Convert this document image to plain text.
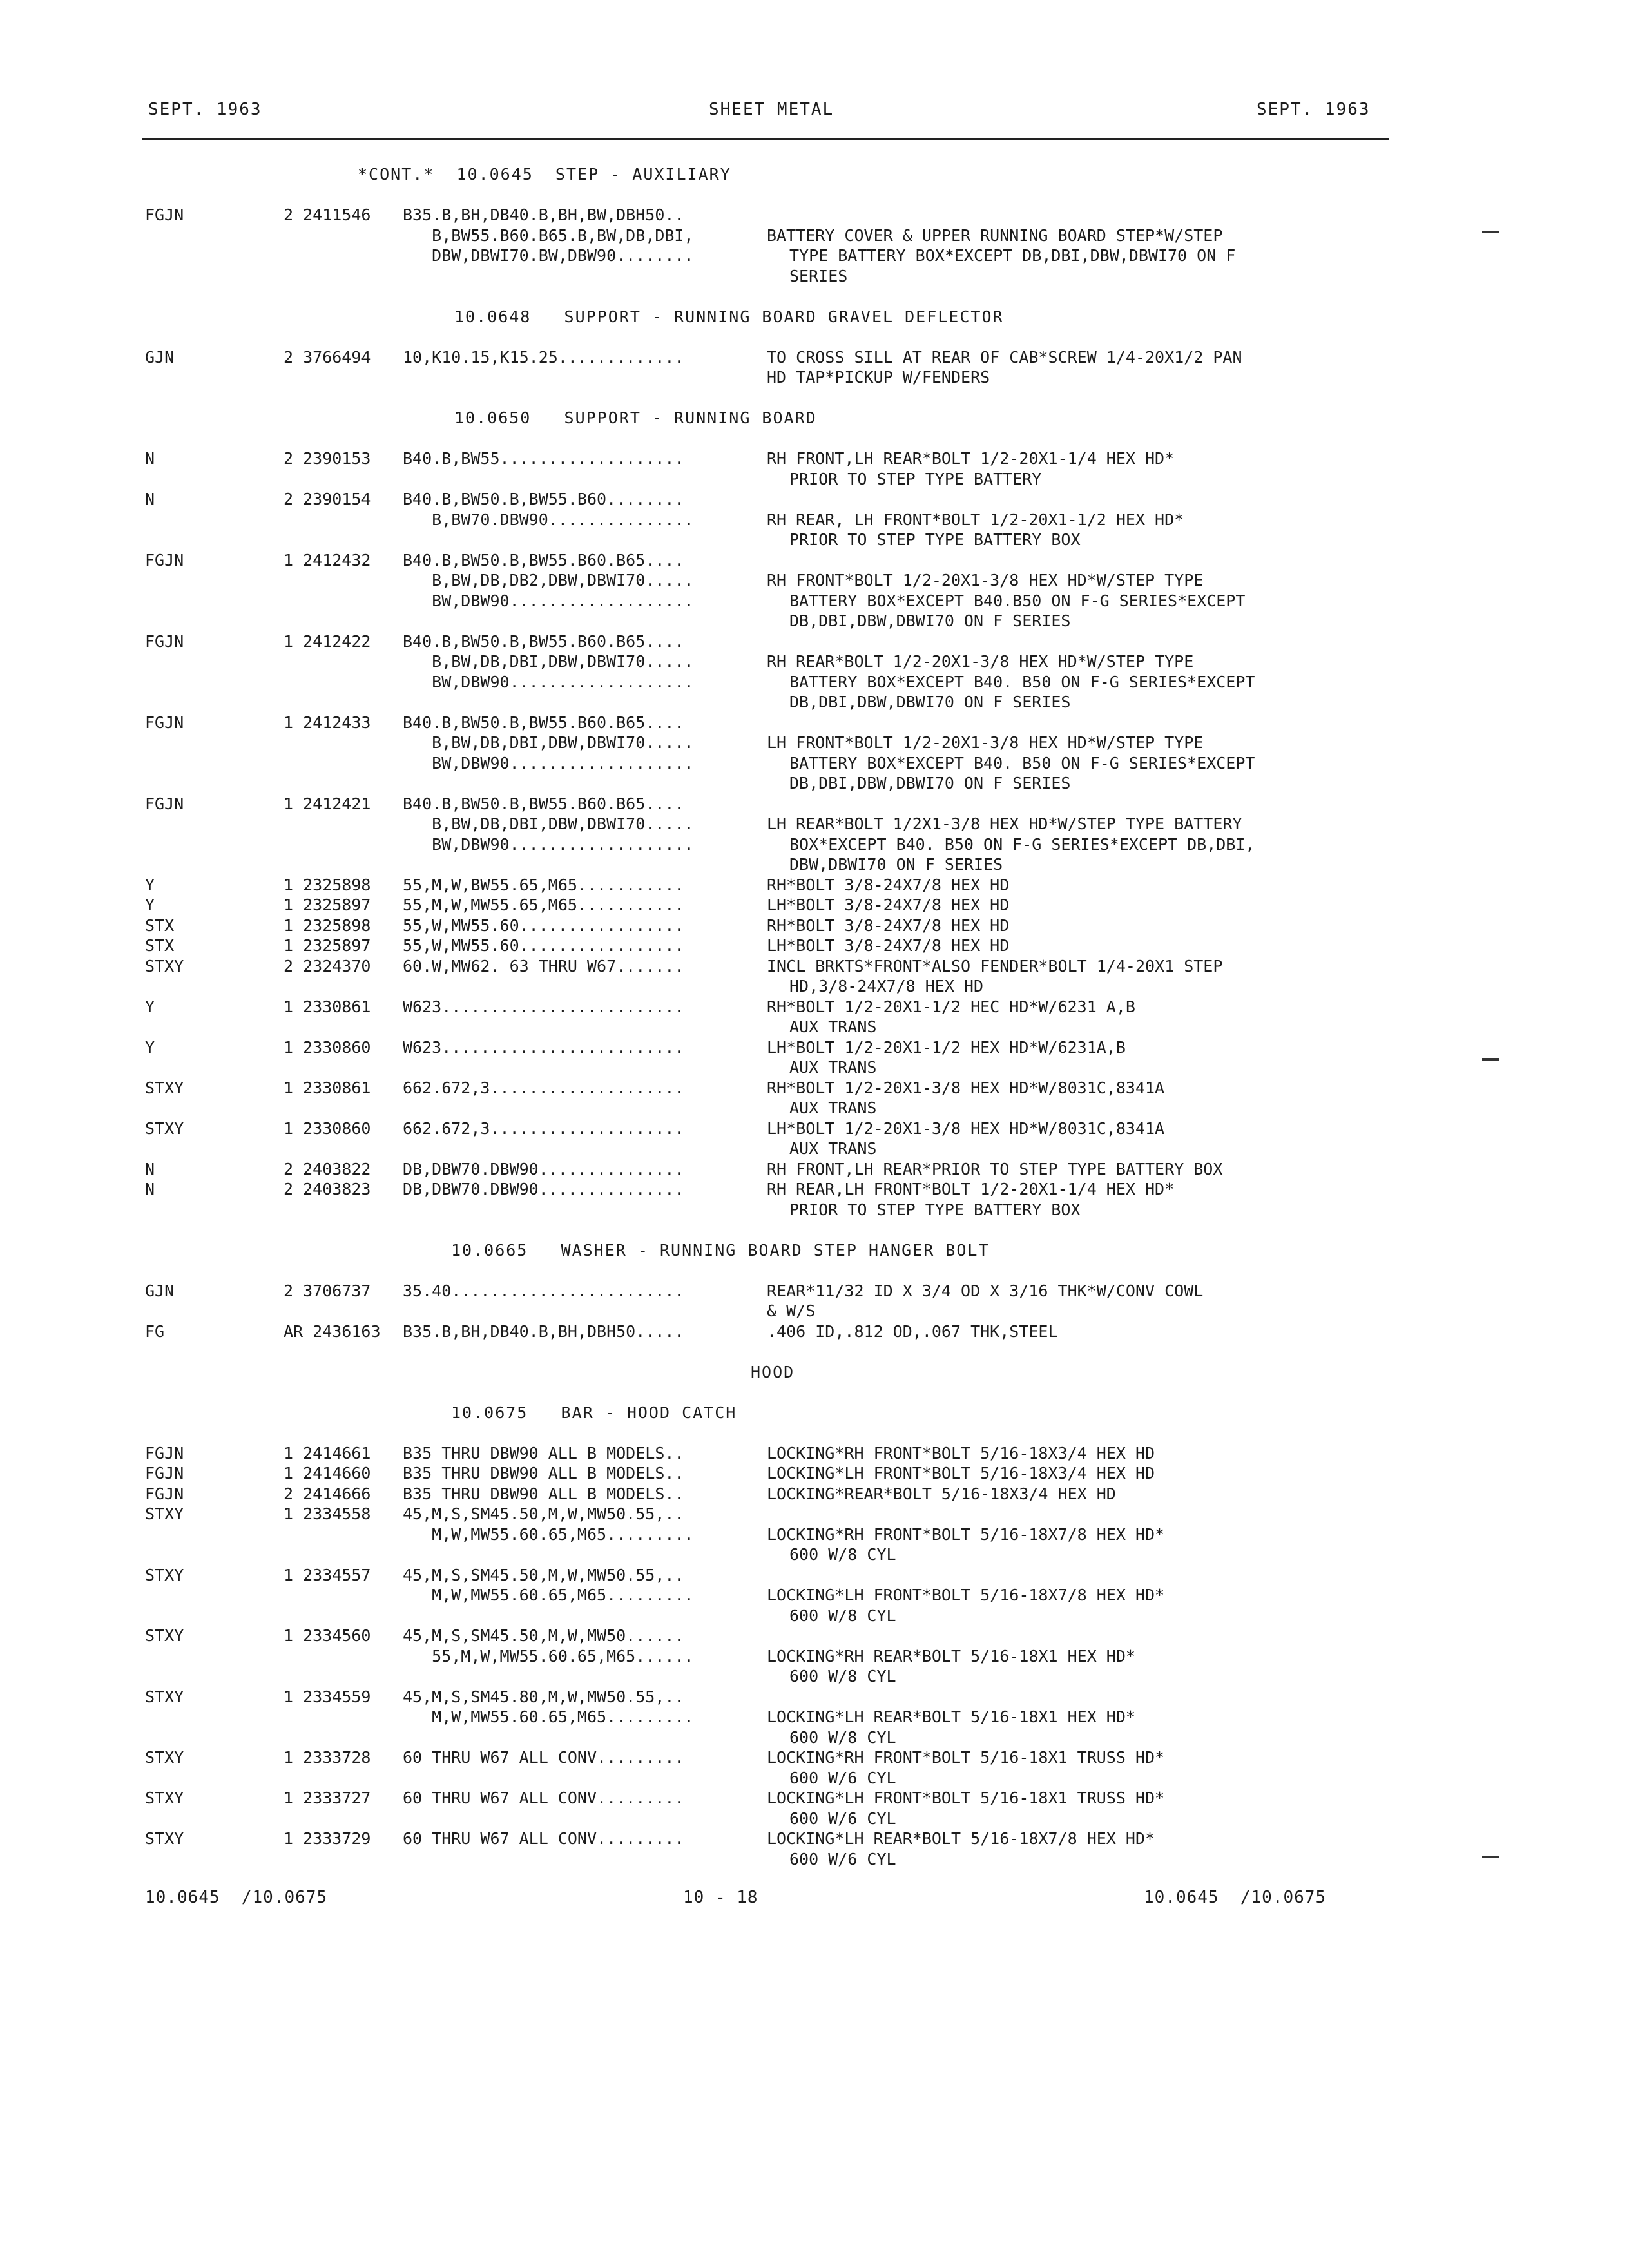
SEPT. 1963	SHEET METAL	SEPT. 1963
*CONT.*  10.0645  STEP - AUXILIARY
FGJN	2 2411546 B35.B,BH,DB40.B,BH,BW,DBH50..
B,BW55.B60.B65.B,BW,DB,DBI,	BATTERY COVER & UPPER RUNNING BOARD STEP*W/STEP
DBW,DBWI70.BW,DBW90........	TYPE BATTERY BOX*EXCEPT DB,DBI,DBW,DBWI70 ON F
SERIES
10.0648   SUPPORT - RUNNING BOARD GRAVEL DEFLECTOR
GJN	2 3766494 10,K10.15,K15.25.............	TO CROSS SILL AT REAR OF CAB*SCREW 1/4-20X1/2 PAN
HD TAP*PICKUP W/FENDERS
10.0650   SUPPORT - RUNNING BOARD
N	2 2390153 B40.B,BW55...................	RH FRONT,LH REAR*BOLT 1/2-20X1-1/4 HEX HD*
PRIOR TO STEP TYPE BATTERY
N	2 2390154 B40.B,BW50.B,BW55.B60........
B,BW70.DBW90...............	RH REAR, LH FRONT*BOLT 1/2-20X1-1/2 HEX HD*
PRIOR TO STEP TYPE BATTERY BOX
FGJN	1 2412432 B40.B,BW50.B,BW55.B60.B65....
B,BW,DB,DB2,DBW,DBWI70.....	RH FRONT*BOLT 1/2-20X1-3/8 HEX HD*W/STEP TYPE
BW,DBW90...................	BATTERY BOX*EXCEPT B40.B50 ON F-G SERIES*EXCEPT
DB,DBI,DBW,DBWI70 ON F SERIES
FGJN	1 2412422 B40.B,BW50.B,BW55.B60.B65....
B,BW,DB,DBI,DBW,DBWI70.....	RH REAR*BOLT 1/2-20X1-3/8 HEX HD*W/STEP TYPE
BW,DBW90...................	BATTERY BOX*EXCEPT B40. B50 ON F-G SERIES*EXCEPT
DB,DBI,DBW,DBWI70 ON F SERIES
FGJN	1 2412433 B40.B,BW50.B,BW55.B60.B65....
B,BW,DB,DBI,DBW,DBWI70.....	LH FRONT*BOLT 1/2-20X1-3/8 HEX HD*W/STEP TYPE
BW,DBW90...................	BATTERY BOX*EXCEPT B40. B50 ON F-G SERIES*EXCEPT
DB,DBI,DBW,DBWI70 ON F SERIES
FGJN	1 2412421 B40.B,BW50.B,BW55.B60.B65....
B,BW,DB,DBI,DBW,DBWI70.....	LH REAR*BOLT 1/2X1-3/8 HEX HD*W/STEP TYPE BATTERY
BW,DBW90...................	BOX*EXCEPT B40. B50 ON F-G SERIES*EXCEPT DB,DBI,
DBW,DBWI70 ON F SERIES
Y	1 2325898 55,M,W,BW55.65,M65...........	RH*BOLT 3/8-24X7/8 HEX HD
Y	1 2325897 55,M,W,MW55.65,M65...........	LH*BOLT 3/8-24X7/8 HEX HD
STX	1 2325898 55,W,MW55.60.................	RH*BOLT 3/8-24X7/8 HEX HD
STX	1 2325897 55,W,MW55.60.................	LH*BOLT 3/8-24X7/8 HEX HD
STXY	2 2324370 60.W,MW62. 63 THRU W67.......	INCL BRKTS*FRONT*ALSO FENDER*BOLT 1/4-20X1 STEP
HD,3/8-24X7/8 HEX HD
Y	1 2330861 W623.........................	RH*BOLT 1/2-20X1-1/2 HEC HD*W/6231 A,B
AUX TRANS
Y	1 2330860 W623.........................	LH*BOLT 1/2-20X1-1/2 HEX HD*W/6231A,B
AUX TRANS
STXY	1 2330861 662.672,3....................	RH*BOLT 1/2-20X1-3/8 HEX HD*W/8031C,8341A
AUX TRANS
STXY	1 2330860 662.672,3....................	LH*BOLT 1/2-20X1-3/8 HEX HD*W/8031C,8341A
AUX TRANS
N	2 2403822 DB,DBW70.DBW90...............	RH FRONT,LH REAR*PRIOR TO STEP TYPE BATTERY BOX
N	2 2403823 DB,DBW70.DBW90...............	RH REAR,LH FRONT*BOLT 1/2-20X1-1/4 HEX HD*
PRIOR TO STEP TYPE BATTERY BOX
10.0665   WASHER - RUNNING BOARD STEP HANGER BOLT
GJN	2 3706737 35.40........................	REAR*11/32 ID X 3/4 OD X 3/16 THK*W/CONV COWL
& W/S
FG	AR 2436163 B35.B,BH,DB40.B,BH,DBH50.....	.406 ID,.812 OD,.067 THK,STEEL
HOOD
10.0675   BAR - HOOD CATCH
FGJN	1 2414661 B35 THRU DBW90 ALL B MODELS..	LOCKING*RH FRONT*BOLT 5/16-18X3/4 HEX HD
FGJN	1 2414660 B35 THRU DBW90 ALL B MODELS..	LOCKING*LH FRONT*BOLT 5/16-18X3/4 HEX HD
FGJN	2 2414666 B35 THRU DBW90 ALL B MODELS..	LOCKING*REAR*BOLT 5/16-18X3/4 HEX HD
STXY	1 2334558 45,M,S,SM45.50,M,W,MW50.55,..
M,W,MW55.60.65,M65.........	LOCKING*RH FRONT*BOLT 5/16-18X7/8 HEX HD*
600 W/8 CYL
STXY	1 2334557 45,M,S,SM45.50,M,W,MW50.55,..
M,W,MW55.60.65,M65.........	LOCKING*LH FRONT*BOLT 5/16-18X7/8 HEX HD*
600 W/8 CYL
STXY	1 2334560 45,M,S,SM45.50,M,W,MW50......
55,M,W,MW55.60.65,M65......	LOCKING*RH REAR*BOLT 5/16-18X1 HEX HD*
600 W/8 CYL
STXY	1 2334559 45,M,S,SM45.80,M,W,MW50.55,..
M,W,MW55.60.65,M65.........	LOCKING*LH REAR*BOLT 5/16-18X1 HEX HD*
600 W/8 CYL
STXY	1 2333728 60 THRU W67 ALL CONV.........	LOCKING*RH FRONT*BOLT 5/16-18X1 TRUSS HD*
600 W/6 CYL
STXY	1 2333727 60 THRU W67 ALL CONV.........	LOCKING*LH FRONT*BOLT 5/16-18X1 TRUSS HD*
600 W/6 CYL
STXY	1 2333729 60 THRU W67 ALL CONV.........	LOCKING*LH REAR*BOLT 5/16-18X7/8 HEX HD*
600 W/6 CYL
10.0645  /10.0675	10 - 18	10.0645  /10.0675
